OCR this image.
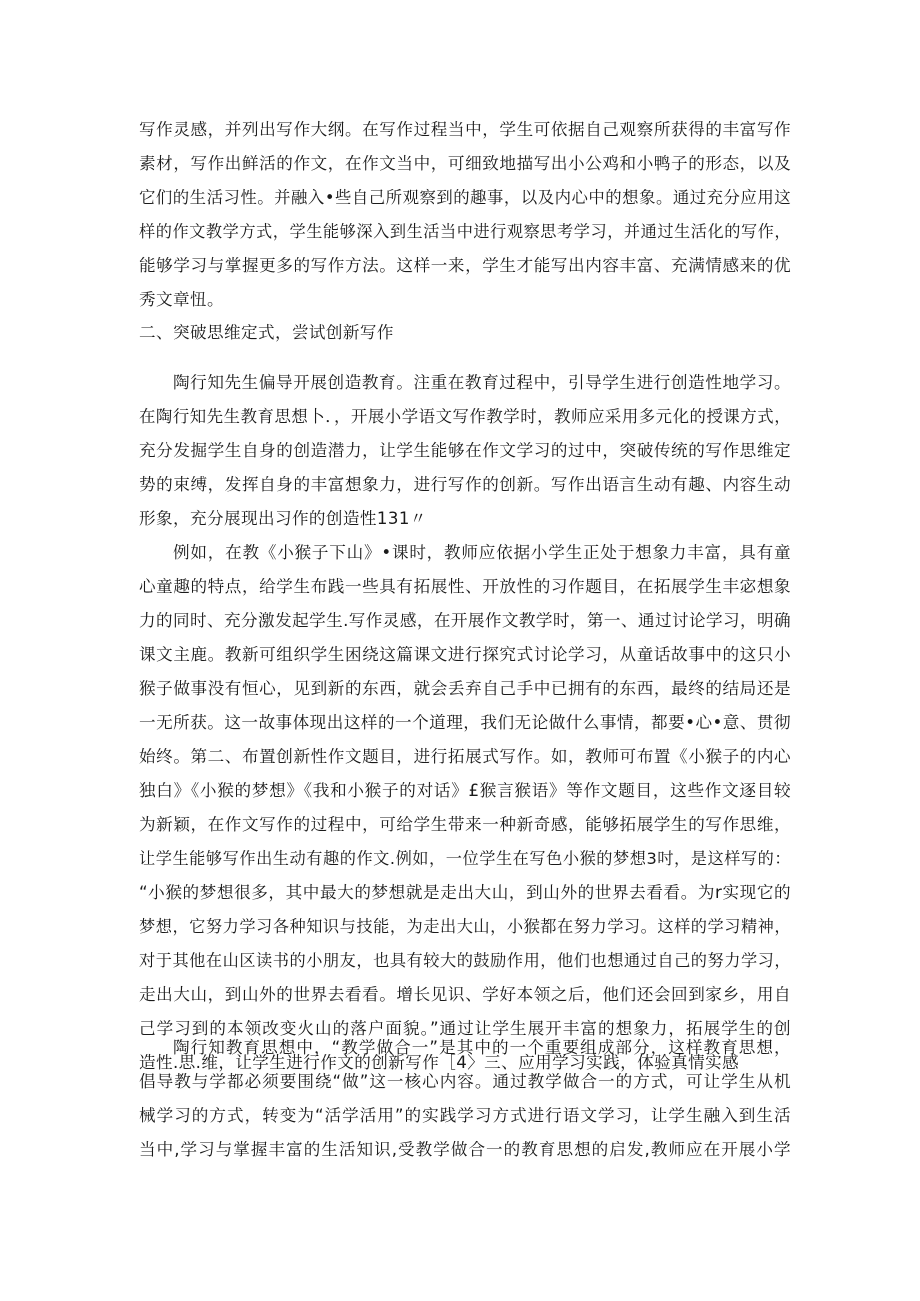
写作灵感，并列出写作大纲。在写作过程当中，学生可依据自己观察所获得的丰富写作
素材，写作出鲜活的作文，在作文当中，可细致地描写出小公鸡和小鸭子的形态，以及
它们的生活习性。并融入•些自己所观察到的趣事，以及内心中的想象。通过充分应用这
样的作文教学方式，学生能够深入到生活当中进行观察思考学习，并通过生活化的写作，
能够学习与掌握更多的写作方法。这样一来，学生才能写出内容丰富、充满情感来的优
秀文章忸。
二、突破思维定式，尝试创新写作
陶行知先生偏导开展创造教育。注重在教育过程中，引导学生进行创造性地学习。
在陶行知先生教育思想卜．，开展小学语文写作教学时，教师应采用多元化的授课方式，
充分发掘学生自身的创造潜力，让学生能够在作文学习的过中，突破传统的写作思维定
势的束缚，发挥自身的丰富想象力，进行写作的创新。写作出语言生动有趣、内容生动
形象，充分展现出习作的创造性131〃
例如，在教《小猴子下山》•课时，教师应依据小学生正处于想象力丰富，具有童
心童趣的特点，给学生布践一些具有拓展性、开放性的习作题目，在拓展学生丰宓想象
力的同时、充分激发起学生.写作灵感，在开展作文教学时，第一、通过讨论学习，明确
课文主鹿。教新可组织学生困绕这篇课文进行探究式讨论学习，从童话故事中的这只小
猴子做事没有恒心，见到新的东西，就会丢弃自己手中已拥有的东西，最终的结局还是
一无所获。这一故事体现出这样的一个道理，我们无论做什么事情，都要•心•意、贯彻
始终。第二、布置创新性作文题目，进行拓展式写作。如，教师可布置《小猴子的内心
独白》《小猴的梦想》《我和小猴子的对话》£猴言猴语》等作文题目，这些作文逐目较
为新颖，在作文写作的过程中，可给学生带来一种新奇感，能够拓展学生的写作思维，
让学生能够写作出生动有趣的作文.例如，一位学生在写色小猴的梦想3吋，是这样写的：
“小猴的梦想很多，其中最大的梦想就是走出大山，到山外的世界去看看。为r实现它的
梦想，它努力学习各种知识与技能，为走出大山，小猴都在努力学习。这样的学习精神，
对于其他在山区读书的小朋友，也具有较大的鼓励作用，他们也想通过自己的努力学习，
走出大山，到山外的世界去看看。增长见识、学好本领之后，他们还会回到家乡，用自
己学习到的本领改变火山的落户面貌。”通过让学生展开丰富的想象力，拓展学生的创
造性.思.维，让学生进行作文的创新写作［4〉三、应用学习实践，体验真情实感
陶行知教育思想中，“教学做合一”是其中的一个重要组成部分，这样教育思想，
倡导教与学都必须要围绕“做”这一核心内容。通过教学做合一的方式，可让学生从机
械学习的方式，转变为“活学活用”的实践学习方式进行语文学习，让学生融入到生活
当中,学习与掌握丰富的生活知识,受教学做合一的教育思想的启发,教师应在开展小学
